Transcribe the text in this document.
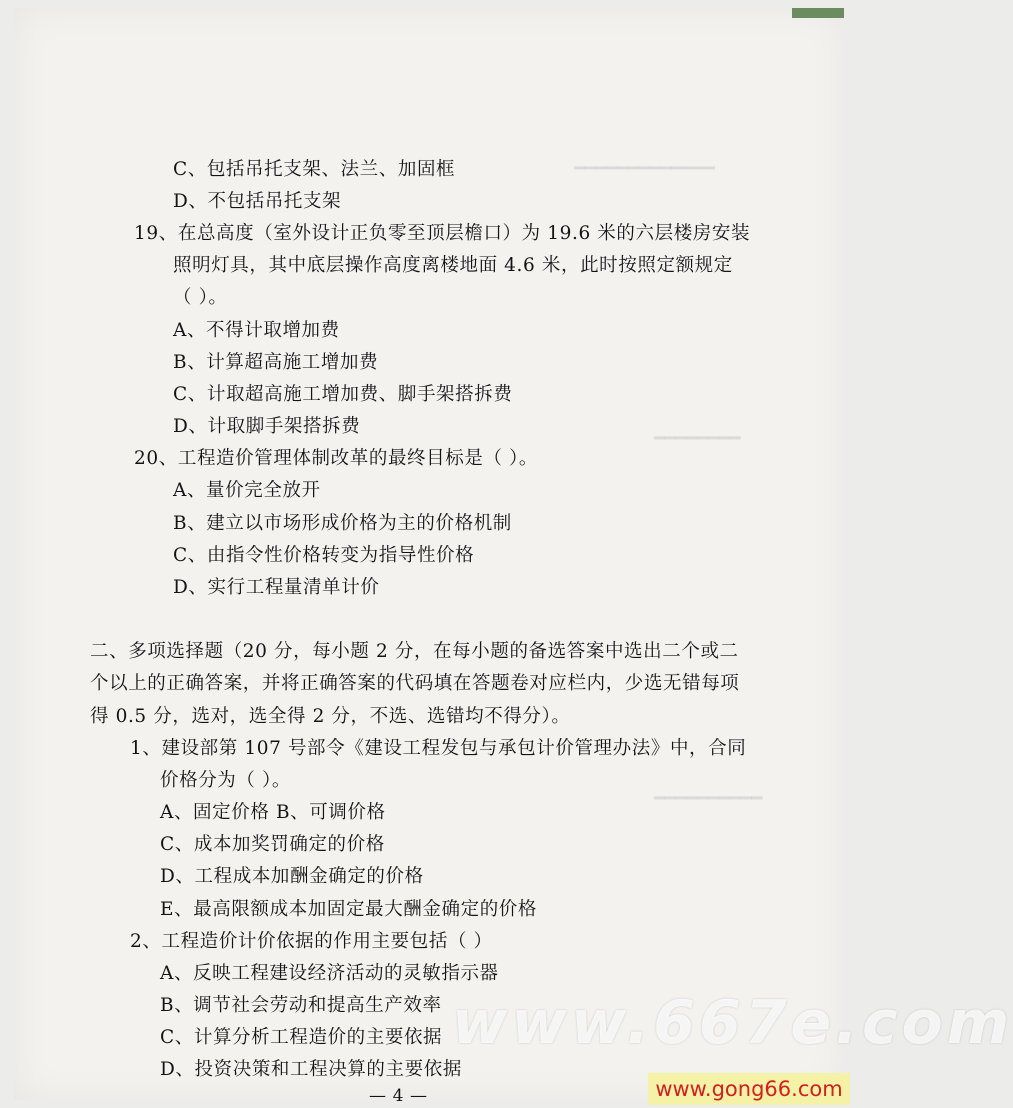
━━━━━━━━━━━━━
━━━━━━━━
━━━━━━━━━━
C、包括吊托支架、法兰、加固框
D、不包括吊托支架
19、在总高度（室外设计正负零至顶层檐口）为 19.6 米的六层楼房安装
照明灯具，其中底层操作高度离楼地面 4.6 米，此时按照定额规定
（ ）。
A、不得计取增加费
B、计算超高施工增加费
C、计取超高施工增加费、脚手架搭拆费
D、计取脚手架搭拆费
20、工程造价管理体制改革的最终目标是（ ）。
A、量价完全放开
B、建立以市场形成价格为主的价格机制
C、由指令性价格转变为指导性价格
D、实行工程量清单计价
二、多项选择题（20 分，每小题 2 分，在每小题的备选答案中选出二个或二
个以上的正确答案，并将正确答案的代码填在答题卷对应栏内，少选无错每项
得 0.5 分，选对，选全得 2 分，不选、选错均不得分）。
1、建设部第 107 号部令《建设工程发包与承包计价管理办法》中，合同
价格分为（ ）。
A、固定价格 B、可调价格
C、成本加奖罚确定的价格
D、工程成本加酬金确定的价格
E、最高限额成本加固定最大酬金确定的价格
2、工程造价计价依据的作用主要包括（ ）
A、反映工程建设经济活动的灵敏指示器
B、调节社会劳动和提高生产效率
C、计算分析工程造价的主要依据
D、投资决策和工程决算的主要依据
— 4 —
www.667e.com
www.gong66.com
